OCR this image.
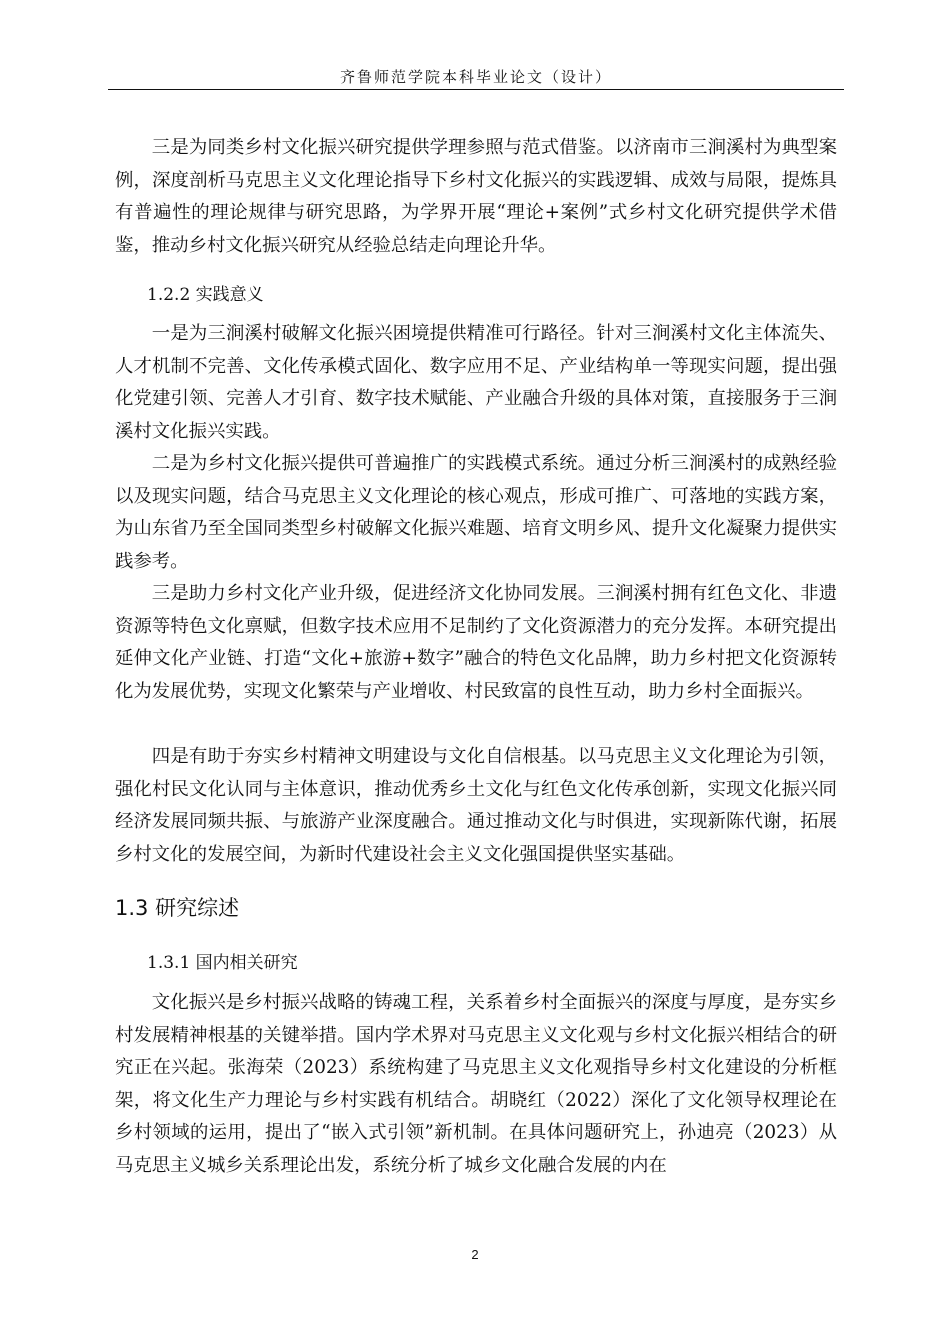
齐鲁师范学院本科毕业论文（设计）

三是为同类乡村文化振兴研究提供学理参照与范式借鉴。以济南市三涧溪村为典型案例，深度剖析马克思主义文化理论指导下乡村文化振兴的实践逻辑、成效与局限，提炼具有普遍性的理论规律与研究思路，为学界开展“理论+案例”式乡村文化研究提供学术借鉴，推动乡村文化振兴研究从经验总结走向理论升华。

1.2.2 实践意义

一是为三涧溪村破解文化振兴困境提供精准可行路径。针对三涧溪村文化主体流失、人才机制不完善、文化传承模式固化、数字应用不足、产业结构单一等现实问题，提出强化党建引领、完善人才引育、数字技术赋能、产业融合升级的具体对策，直接服务于三涧溪村文化振兴实践。

二是为乡村文化振兴提供可普遍推广的实践模式系统。通过分析三涧溪村的成熟经验以及现实问题，结合马克思主义文化理论的核心观点，形成可推广、可落地的实践方案，为山东省乃至全国同类型乡村破解文化振兴难题、培育文明乡风、提升文化凝聚力提供实践参考。

三是助力乡村文化产业升级，促进经济文化协同发展。三涧溪村拥有红色文化、非遗资源等特色文化禀赋，但数字技术应用不足制约了文化资源潜力的充分发挥。本研究提出延伸文化产业链、打造“文化+旅游+数字”融合的特色文化品牌，助力乡村把文化资源转化为发展优势，实现文化繁荣与产业增收、村民致富的良性互动，助力乡村全面振兴。

四是有助于夯实乡村精神文明建设与文化自信根基。以马克思主义文化理论为引领，强化村民文化认同与主体意识，推动优秀乡土文化与红色文化传承创新，实现文化振兴同经济发展同频共振、与旅游产业深度融合。通过推动文化与时俱进，实现新陈代谢，拓展乡村文化的发展空间，为新时代建设社会主义文化强国提供坚实基础。

1.3 研究综述

1.3.1 国内相关研究

文化振兴是乡村振兴战略的铸魂工程，关系着乡村全面振兴的深度与厚度，是夯实乡村发展精神根基的关键举措。国内学术界对马克思主义文化观与乡村文化振兴相结合的研究正在兴起。张海荣（2023）系统构建了马克思主义文化观指导乡村文化建设的分析框架，将文化生产力理论与乡村实践有机结合。胡晓红（2022）深化了文化领导权理论在乡村领域的运用，提出了“嵌入式引领”新机制。在具体问题研究上，孙迪亮（2023）从马克思主义城乡关系理论出发，系统分析了城乡文化融合发展的内在

2
